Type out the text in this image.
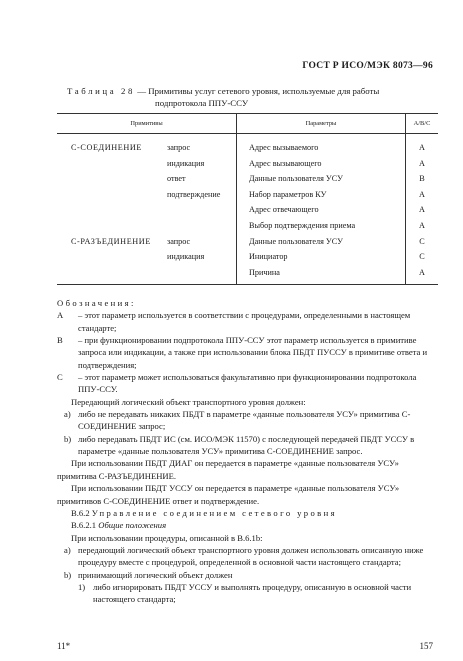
ГОСТ Р ИСО/МЭК 8073—96
Таблица 28 — Примитивы услуг сетевого уровня, используемые для работы
подпротокола ППУ-ССУ
Примитивы	Параметры	А/В/С

С-СОЕДИНЕНИЕ запрос	Адрес вызываемого	А

индикация	Адрес вызывающего	А

ответ	Данные пользователя УСУ	В

подтверждение	Набор параметров КУ	А

	Адрес отвечающего	А

	Выбор подтверждения приема	А

С-РАЗЪЕДИНЕНИЕ запрос	Данные пользователя УСУ	С

индикация	Инициатор	С

	Причина	А

Обозначения:

А – этот параметр используется в соответствии с процедурами, определенными в настоящем стандарте;
В – при функционировании подпротокола ППУ-ССУ этот параметр используется в примитиве запроса или индикации, а также при использовании блока ПБДТ ПУССУ в примитиве ответа и подтверждения;
С – этот параметр может использоваться факультативно при функционировании подпротокола ППУ-ССУ.

Передающий логический объект транспортного уровня должен:

а) либо не передавать никаких ПБДТ в параметре «данные пользователя УСУ» примитива С-СОЕДИНЕНИЕ запрос;
b) либо передавать ПБДТ ИС (см. ИСО/МЭК 11570) с последующей передачей ПБДТ УССУ в параметре «данные пользователя УСУ» примитива С-СОЕДИНЕНИЕ запрос.

При использовании ПБДТ ДИАГ он передается в параметре «данные пользователя УСУ» примитива С-РАЗЪЕДИНЕНИЕ.

При использовании ПБДТ УССУ он передается в параметре «данные пользователя УСУ» примитивов С-СОЕДИНЕНИЕ ответ и подтверждение.

В.6.2 Управление соединением сетевого уровня

В.6.2.1 Общие положения

При использовании процедуры, описанной в В.6.1b:

а) передающий логический объект транспортного уровня должен использовать описанную ниже процедуру вместе с процедурой, определенной в основной части настоящего стандарта;
b) принимающий логический объект должен
1) либо игнорировать ПБДТ УССУ и выполнять процедуру, описанную в основной части настоящего стандарта;
11*	157
